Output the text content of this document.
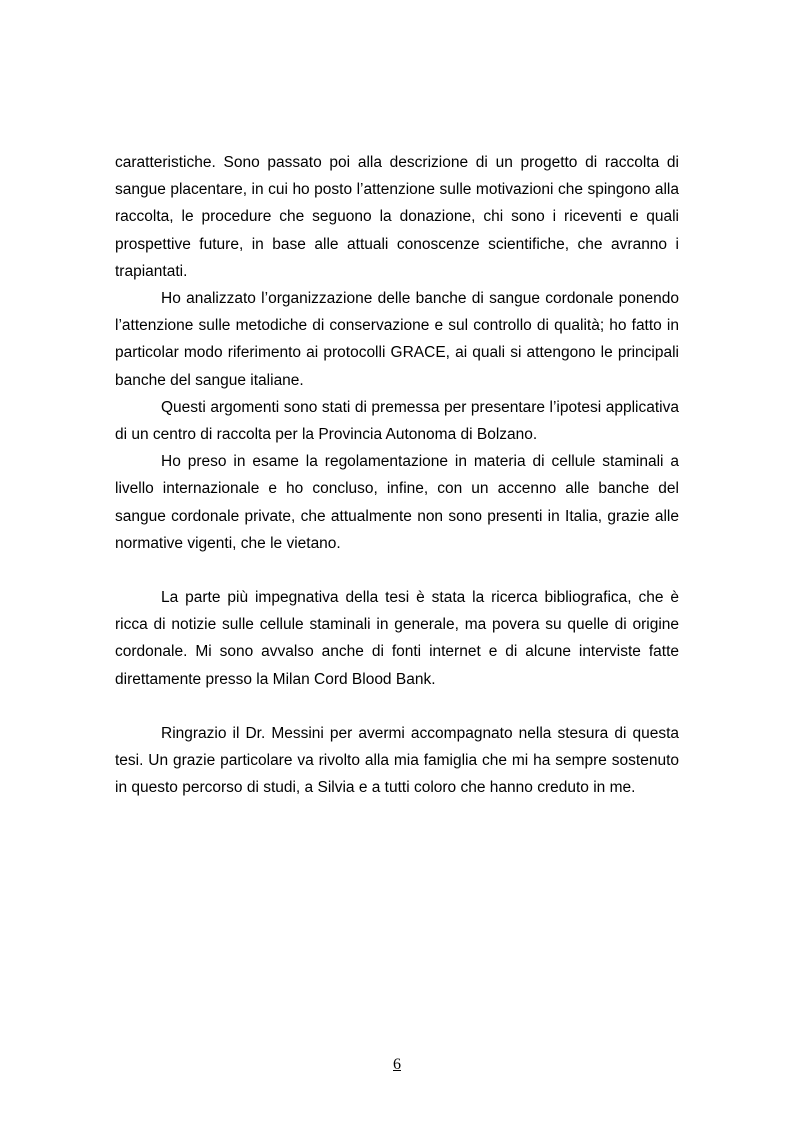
caratteristiche. Sono passato poi alla descrizione di un progetto di raccolta di sangue placentare, in cui ho posto l’attenzione sulle motivazioni che spingono alla raccolta, le procedure che seguono la donazione, chi sono i riceventi e quali prospettive future, in base alle attuali conoscenze scientifiche, che avranno i trapiantati.

Ho analizzato l’organizzazione delle banche di sangue cordonale ponendo l’attenzione sulle metodiche di conservazione e sul controllo di qualità; ho fatto in particolar modo riferimento ai protocolli GRACE, ai quali si attengono le principali banche del sangue italiane.

Questi argomenti sono stati di premessa per presentare l’ipotesi applicativa di un centro di raccolta per la Provincia Autonoma di Bolzano.

Ho preso in esame la regolamentazione in materia di cellule staminali a livello internazionale e ho concluso, infine, con un accenno alle banche del sangue cordonale private, che attualmente non sono presenti in Italia, grazie alle normative vigenti, che le vietano.

La parte più impegnativa della tesi è stata la ricerca bibliografica, che è ricca di notizie sulle cellule staminali in generale, ma povera su quelle di origine cordonale. Mi sono avvalso anche di fonti internet e di alcune interviste fatte direttamente presso la Milan Cord Blood Bank.

Ringrazio il Dr. Messini per avermi accompagnato nella stesura di questa tesi. Un grazie particolare va rivolto alla mia famiglia che mi ha sempre sostenuto in questo percorso di studi, a Silvia e a tutti coloro che hanno creduto in me.

6
